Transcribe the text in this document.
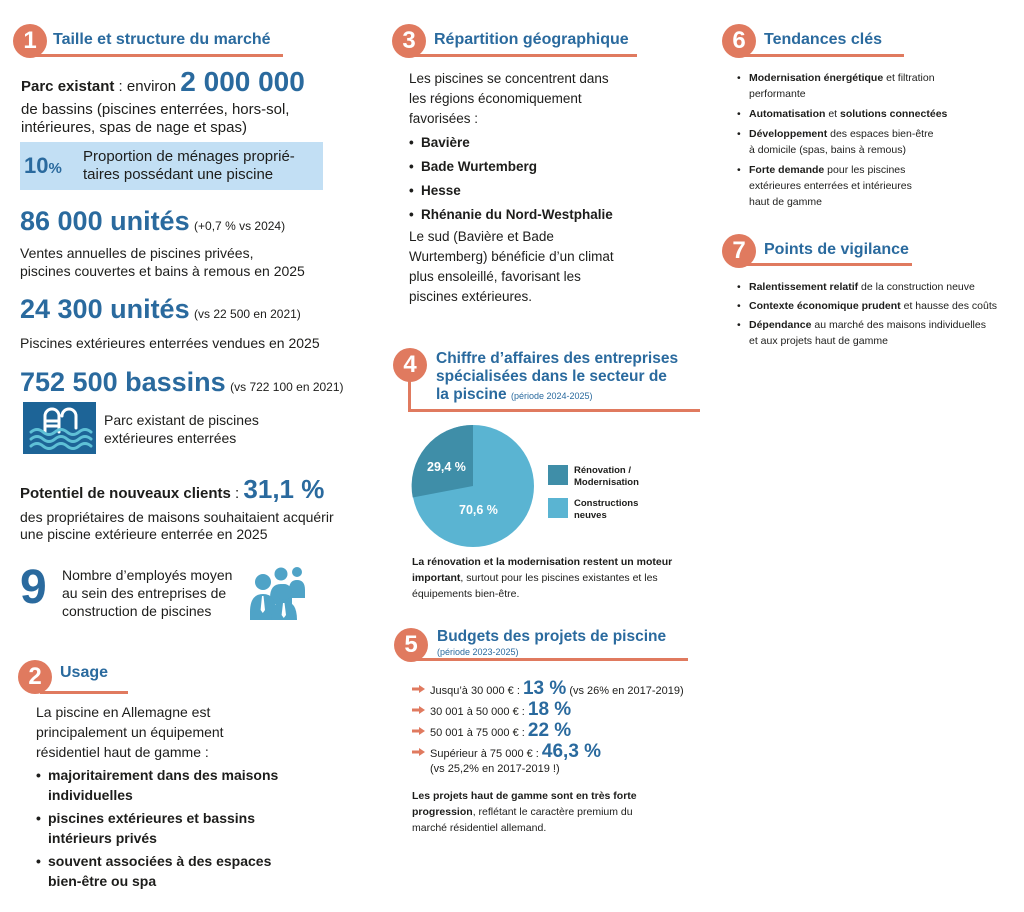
1	Taille et structure du marché
Parc existant : environ 2 000 000
de bassins (piscines enterrées, hors-sol,
intérieures, spas de nage et spas)
10%
Proportion de ménages proprié-
taires possédant une piscine
86 000 unités (+0,7 % vs 2024)
Ventes annuelles de piscines privées,
piscines couvertes et bains à remous en 2025
24 300 unités (vs 22 500 en 2021)
Piscines extérieures enterrées vendues en 2025
752 500 bassins (vs 722 100 en 2021)
Parc existant de piscines
extérieures enterrées
Potentiel de nouveaux clients : 31,1 %
des propriétaires de maisons souhaitaient acquérir
une piscine extérieure enterrée en 2025
9 Nombre d’employés moyen
au sein des entreprises de
construction de piscines
2	Usage
La piscine en Allemagne est
principalement un équipement
résidentiel haut de gamme :
• majoritairement dans des maisons
individuelles
• piscines extérieures et bassins
intérieurs privés
• souvent associées à des espaces
bien-être ou spa
3	Répartition géographique
Les piscines se concentrent dans
les régions économiquement
favorisées :
• Bavière
• Bade Wurtemberg
• Hesse
• Rhénanie du Nord-Westphalie
Le sud (Bavière et Bade
Wurtemberg) bénéficie d’un climat
plus ensoleillé, favorisant les
piscines extérieures.
4	Chiffre d’affaires des entreprises
spécialisées dans le secteur de
la piscine (période 2024-2025)
29,4 %
70,6 %
Rénovation /
Modernisation
Constructions
neuves
La rénovation et la modernisation restent un moteur
important, surtout pour les piscines existantes et les
équipements bien-être.
5	Budgets des projets de piscine
(période 2023-2025)
Jusqu’à 30 000 € : 13 % (vs 26% en 2017-2019)
30 001 à 50 000 € : 18 %
50 001 à 75 000 € : 22 %
Supérieur à 75 000 € : 46,3 %
(vs 25,2% en 2017-2019 !)
Les projets haut de gamme sont en très forte
progression, reflétant le caractère premium du
marché résidentiel allemand.
6	Tendances clés
• Modernisation énergétique et filtration
performante
• Automatisation et solutions connectées
• Développement des espaces bien-être
à domicile (spas, bains à remous)
• Forte demande pour les piscines
extérieures enterrées et intérieures
haut de gamme
7	Points de vigilance
• Ralentissement relatif de la construction neuve
• Contexte économique prudent et hausse des coûts
• Dépendance au marché des maisons individuelles
et aux projets haut de gamme
